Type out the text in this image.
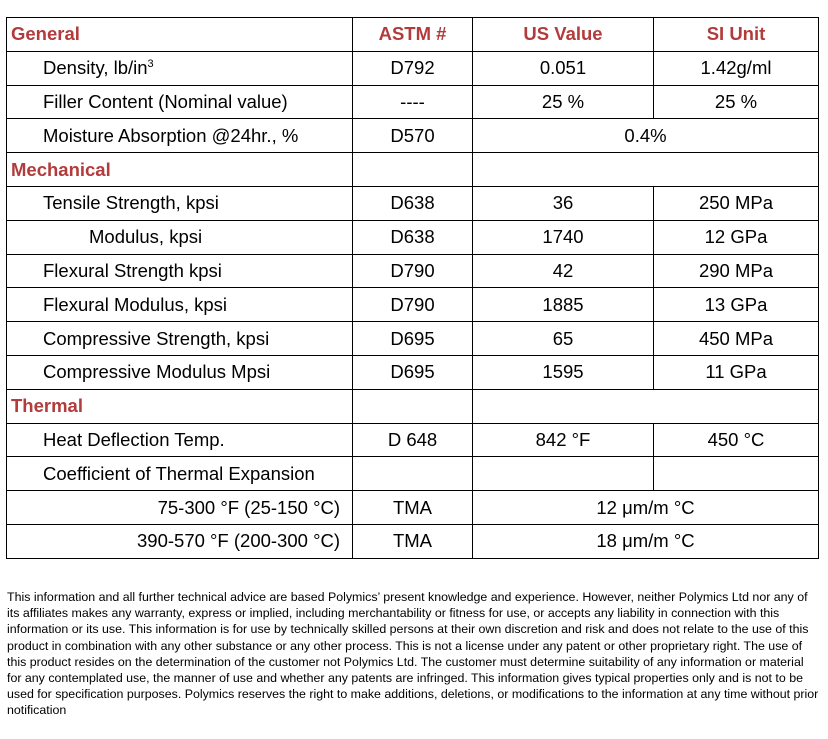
General	ASTM #	US Value	SI Unit
Density, $lb/in^3$	D792	0.051	1.42g/ml
Filler Content (Nominal value)	----	25 %	25 %
Moisture Absorption @24hr., %	D570	0.4%	
Mechanical			
Tensile Strength, kpsi	D638	36	250 MPa
Modulus, kpsi	D638	1740	12 GPa
Flexural Strength kpsi	D790	42	290 MPa
Flexural Modulus, kpsi	D790	1885	13 GPa
Compressive Strength, kpsi	D695	65	450 MPa
Compressive Modulus Mpsi	D695	1595	11 GPa
Thermal			
Heat Deflection Temp.	D 648	842 °F	450 °C
Coefficient of Thermal Expansion			
75-300 °F (25-150 °C)	TMA	12 μm/m °C	
390-570 °F (200-300 °C)	TMA	18 μm/m °C	
This information and all further technical advice are based Polymics’ present knowledge and experience. However, neither Polymics Ltd nor any of its affiliates makes any warranty, express or implied, including merchantability or fitness for use, or accepts any liability in connection with this information or its use. This information is for use by technically skilled persons at their own discretion and risk and does not relate to the use of this product in combination with any other substance or any other process. This is not a license under any patent or other proprietary right. The use of this product resides on the determination of the customer not Polymics Ltd. The customer must determine suitability of any information or material for any contemplated use, the manner of use and whether any patents are infringed. This information gives typical properties only and is not to be used for specification purposes. Polymics reserves the right to make additions, deletions, or modifications to the information at any time without prior notification
